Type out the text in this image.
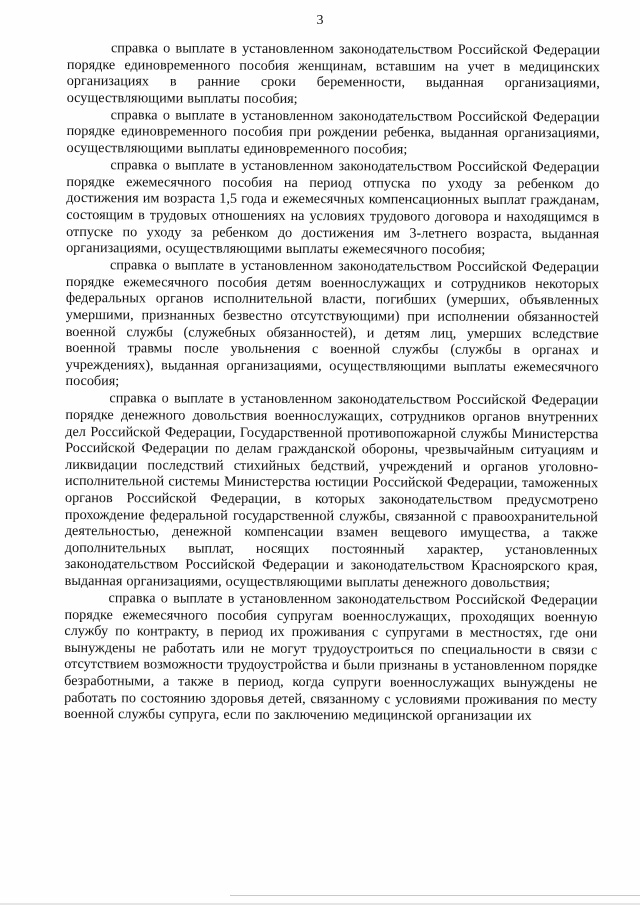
3

справка о выплате в установленном законодательством Российской Федерации порядке единовременного пособия женщинам, вставшим на учет в медицинских организациях в ранние сроки беременности, выданная организациями, осуществляющими выплаты пособия;

справка о выплате в установленном законодательством Российской Федерации порядке единовременного пособия при рождении ребенка, выданная организациями, осуществляющими выплаты единовременного пособия;

справка о выплате в установленном законодательством Российской Федерации порядке ежемесячного пособия на период отпуска по уходу за ребенком до достижения им возраста 1,5 года и ежемесячных компенсационных выплат гражданам, состоящим в трудовых отношениях на условиях трудового договора и находящимся в отпуске по уходу за ребенком до достижения им 3-летнего возраста, выданная организациями, осуществляющими выплаты ежемесячного пособия;

справка о выплате в установленном законодательством Российской Федерации порядке ежемесячного пособия детям военнослужащих и сотрудников некоторых федеральных органов исполнительной власти, погибших (умерших, объявленных умершими, признанных безвестно отсутствующими) при исполнении обязанностей военной службы (служебных обязанностей), и детям лиц, умерших вследствие военной травмы после увольнения с военной службы (службы в органах и учреждениях), выданная организациями, осуществляющими выплаты ежемесячного пособия;

справка о выплате в установленном законодательством Российской Федерации порядке денежного довольствия военнослужащих, сотрудников органов внутренних дел Российской Федерации, Государственной противопожарной службы Министерства Российской Федерации по делам гражданской обороны, чрезвычайным ситуациям и ликвидации последствий стихийных бедствий, учреждений и органов уголовно-исполнительной системы Министерства юстиции Российской Федерации, таможенных органов Российской Федерации, в которых законодательством предусмотрено прохождение федеральной государственной службы, связанной с правоохранительной деятельностью, денежной компенсации взамен вещевого имущества, а также дополнительных выплат, носящих постоянный характер, установленных законодательством Российской Федерации и законодательством Красноярского края, выданная организациями, осуществляющими выплаты денежного довольствия;

справка о выплате в установленном законодательством Российской Федерации порядке ежемесячного пособия супругам военнослужащих, проходящих военную службу по контракту, в период их проживания с супругами в местностях, где они вынуждены не работать или не могут трудоустроиться по специальности в связи с отсутствием возможности трудоустройства и были признаны в установленном порядке безработными, а также в период, когда супруги военнослужащих вынуждены не работать по состоянию здоровья детей, связанному с условиями проживания по месту военной службы супруга, если по заключению медицинской организации их
